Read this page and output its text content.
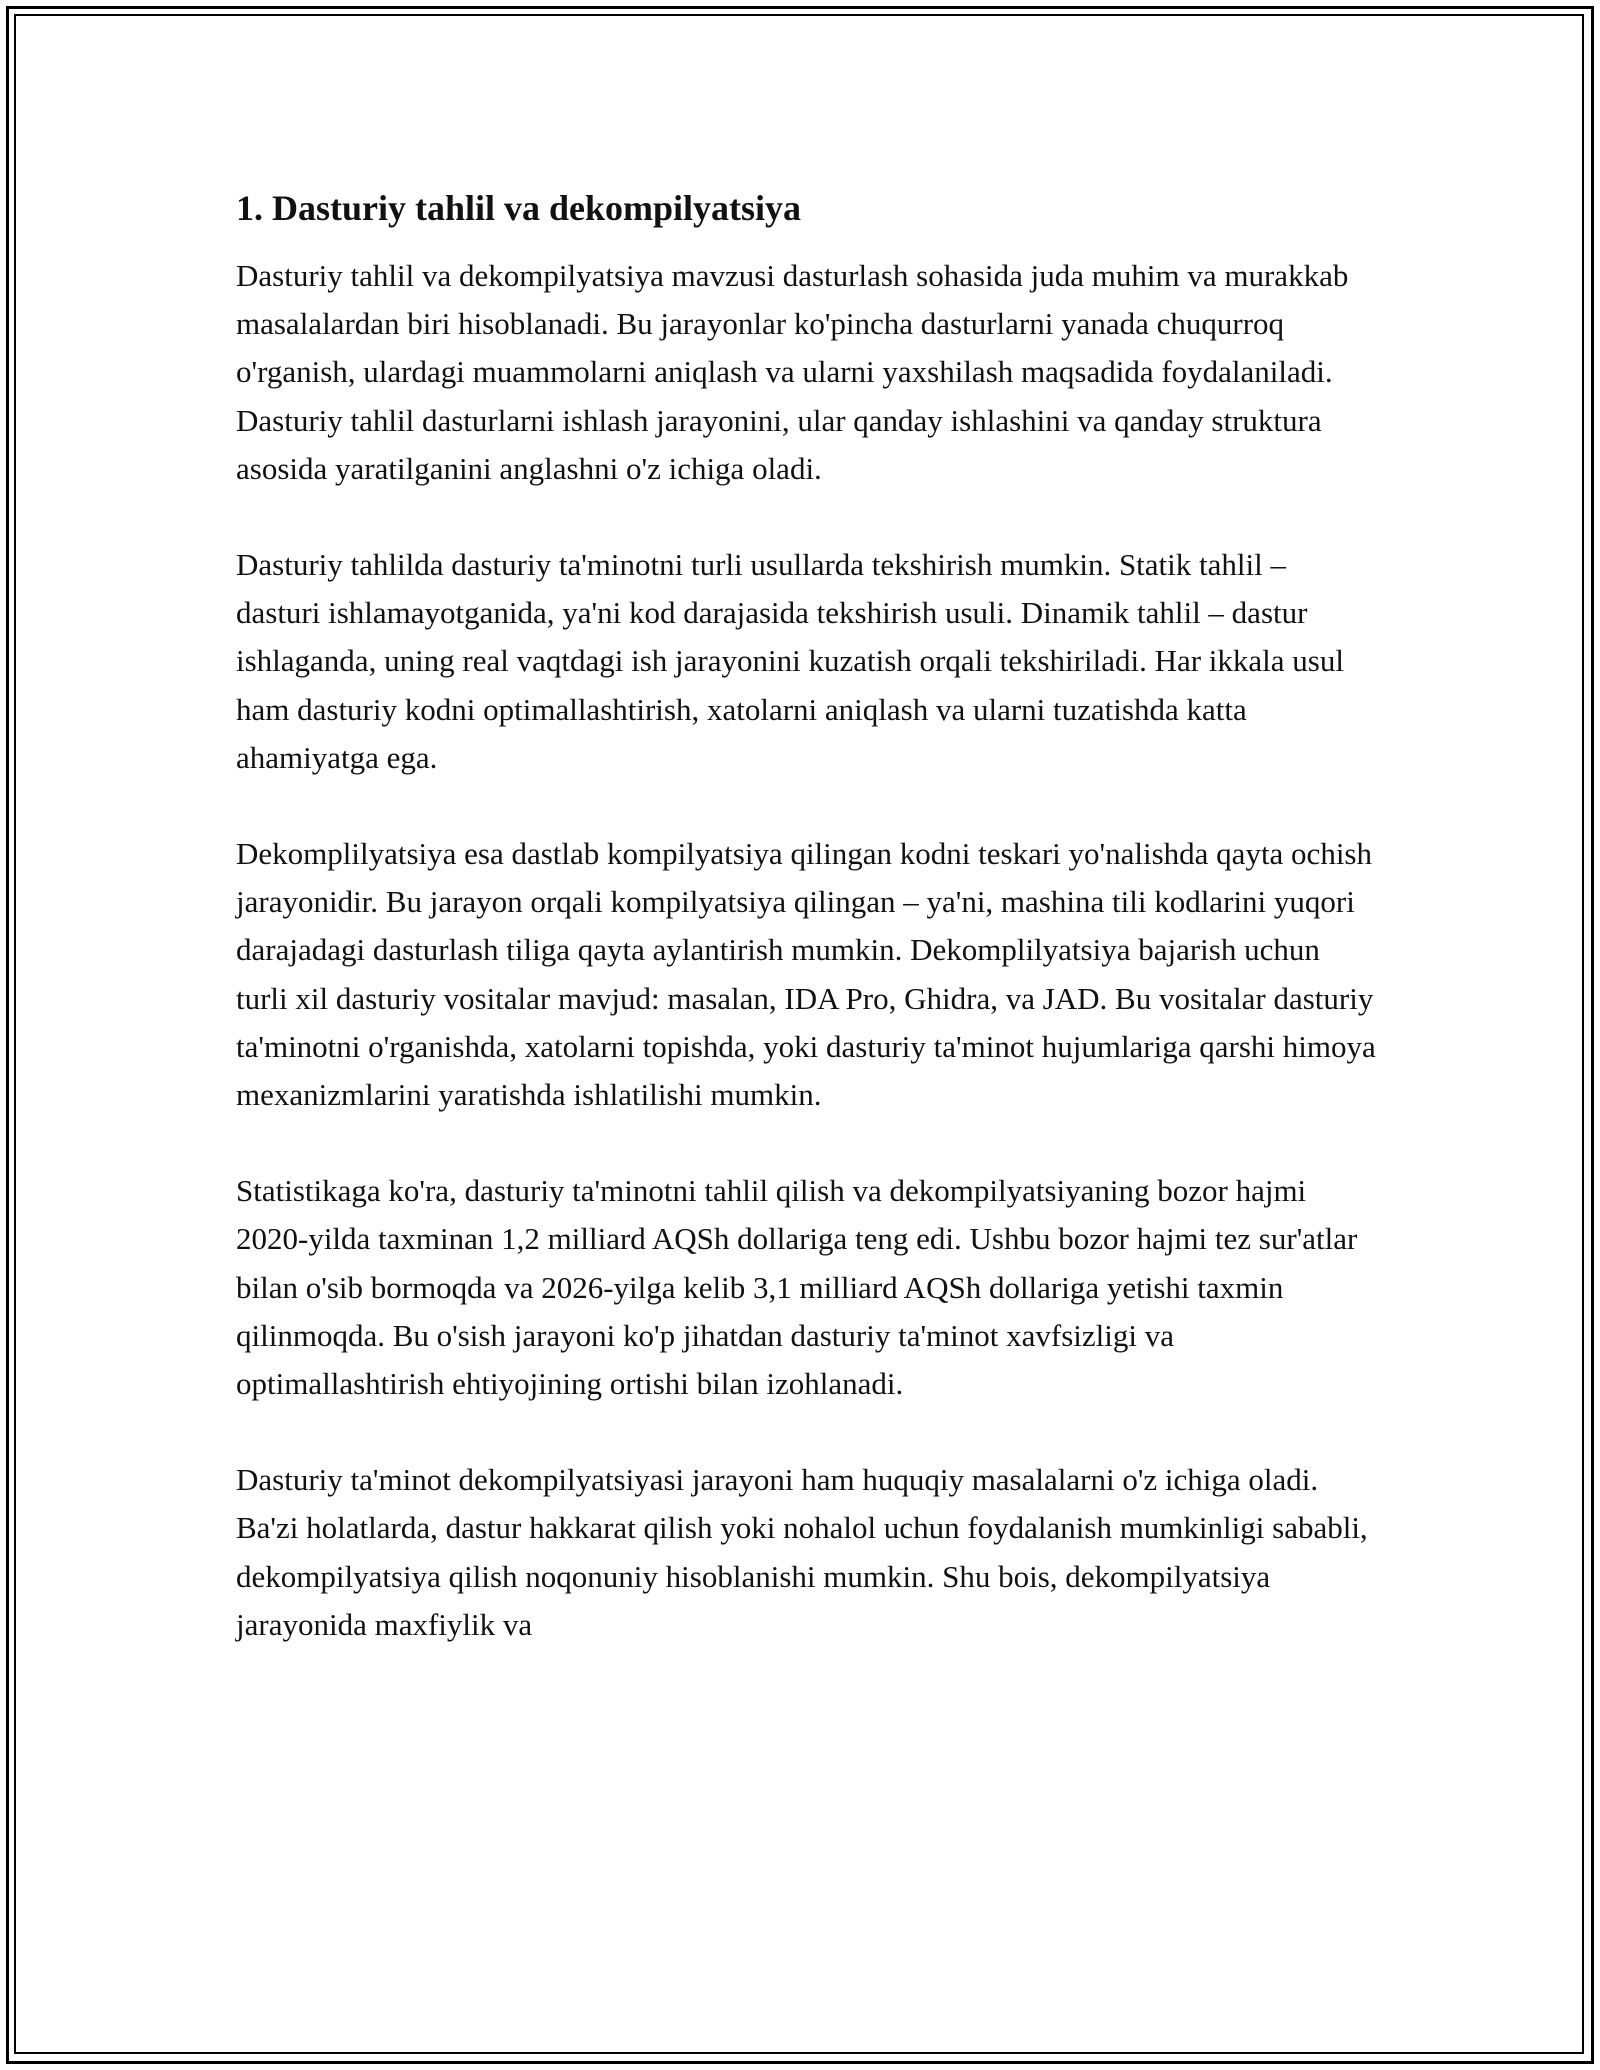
1. Dasturiy tahlil va dekompilyatsiya

Dasturiy tahlil va dekompilyatsiya mavzusi dasturlash sohasida juda muhim va murakkab masalalardan biri hisoblanadi. Bu jarayonlar ko'pincha dasturlarni yanada chuqurroq o'rganish, ulardagi muammolarni aniqlash va ularni yaxshilash maqsadida foydalaniladi. Dasturiy tahlil dasturlarni ishlash jarayonini, ular qanday ishlashini va qanday struktura asosida yaratilganini anglashni o'z ichiga oladi.

Dasturiy tahlilda dasturiy ta'minotni turli usullarda tekshirish mumkin. Statik tahlil – dasturi ishlamayotganida, ya'ni kod darajasida tekshirish usuli. Dinamik tahlil – dastur ishlaganda, uning real vaqtdagi ish jarayonini kuzatish orqali tekshiriladi. Har ikkala usul ham dasturiy kodni optimallashtirish, xatolarni aniqlash va ularni tuzatishda katta ahamiyatga ega.

Dekomplilyatsiya esa dastlab kompilyatsiya qilingan kodni teskari yo'nalishda qayta ochish jarayonidir. Bu jarayon orqali kompilyatsiya qilingan – ya'ni, mashina tili kodlarini yuqori darajadagi dasturlash tiliga qayta aylantirish mumkin. Dekomplilyatsiya bajarish uchun turli xil dasturiy vositalar mavjud: masalan, IDA Pro, Ghidra, va JAD. Bu vositalar dasturiy ta'minotni o'rganishda, xatolarni topishda, yoki dasturiy ta'minot hujumlariga qarshi himoya mexanizmlarini yaratishda ishlatilishi mumkin.

Statistikaga ko'ra, dasturiy ta'minotni tahlil qilish va dekompilyatsiyaning bozor hajmi 2020-yilda taxminan 1,2 milliard AQSh dollariga teng edi. Ushbu bozor hajmi tez sur'atlar bilan o'sib bormoqda va 2026-yilga kelib 3,1 milliard AQSh dollariga yetishi taxmin qilinmoqda. Bu o'sish jarayoni ko'p jihatdan dasturiy ta'minot xavfsizligi va optimallashtirish ehtiyojining ortishi bilan izohlanadi.

Dasturiy ta'minot dekompilyatsiyasi jarayoni ham huquqiy masalalarni o'z ichiga oladi. Ba'zi holatlarda, dastur hakkarat qilish yoki nohalol uchun foydalanish mumkinligi sababli, dekompilyatsiya qilish noqonuniy hisoblanishi mumkin. Shu bois, dekompilyatsiya jarayonida maxfiylik va
